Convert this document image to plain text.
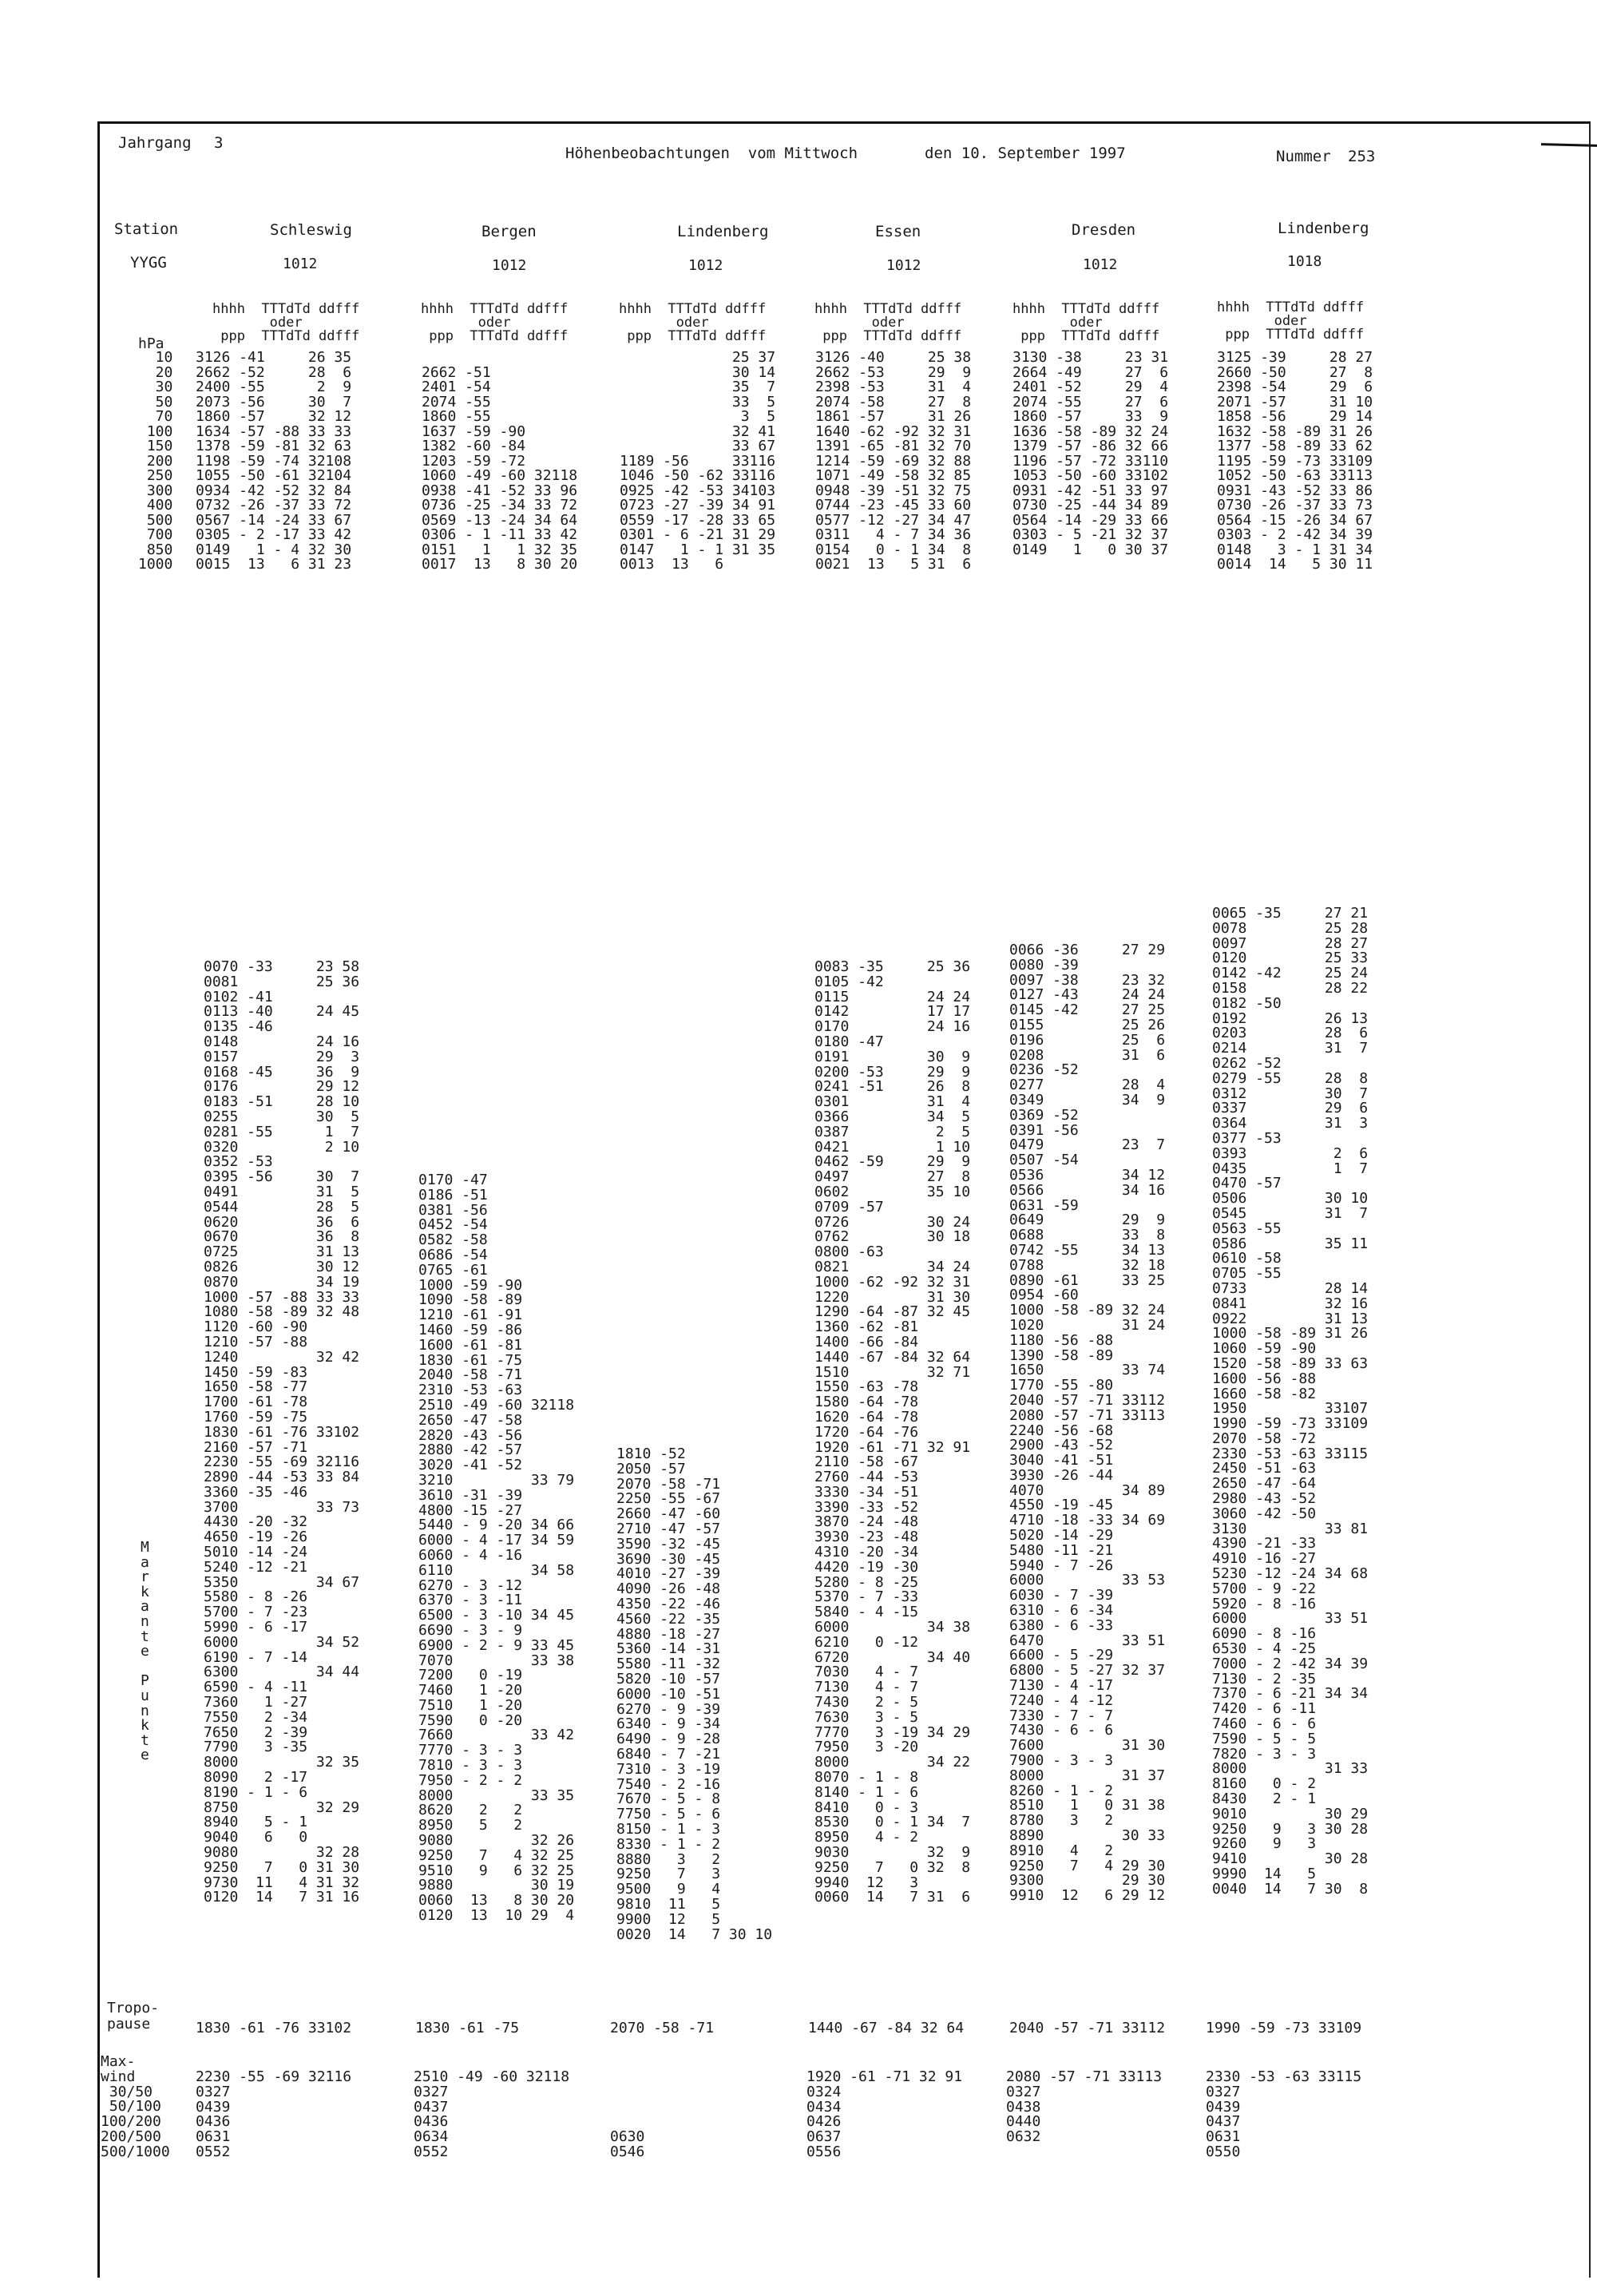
Jahrgang 3
Höhenbeobachtungen  vom Mittwoch	den 10. September 1997	Nummer 253
Station
YYGG
hPa
10
20
30
50
70
100
150
200
250
300
400
500
700
850
1000
M
a
r
k
a
n
t
e

P
u
n
k
t
e
Tropo-
pause
Max-
wind
30/50
50/100
100/200
200/500
500/1000
Schleswig
1012
hhhh  TTTdTd ddfff
oder
ppp  TTTdTd ddfff
3126 -41     26 35
2662 -52     28  6
2400 -55      2  9
2073 -56     30  7
1860 -57     32 12
1634 -57 -88 33 33
1378 -59 -81 32 63
1198 -59 -74 32108
1055 -50 -61 32104
0934 -42 -52 32 84
0732 -26 -37 33 72
0567 -14 -24 33 67
0305 - 2 -17 33 42
0149   1 - 4 32 30
0015  13   6 31 23
0070 -33     23 58
0081         25 36
0102 -41
0113 -40     24 45
0135 -46
0148         24 16
0157         29  3
0168 -45     36  9
0176         29 12
0183 -51     28 10
0255         30  5
0281 -55      1  7
0320          2 10
0352 -53
0395 -56     30  7
0491         31  5
0544         28  5
0620         36  6
0670         36  8
0725         31 13
0826         30 12
0870         34 19
1000 -57 -88 33 33
1080 -58 -89 32 48
1120 -60 -90
1210 -57 -88
1240         32 42
1450 -59 -83
1650 -58 -77
1700 -61 -78
1760 -59 -75
1830 -61 -76 33102
2160 -57 -71
2230 -55 -69 32116
2890 -44 -53 33 84
3360 -35 -46
3700         33 73
4430 -20 -32
4650 -19 -26
5010 -14 -24
5240 -12 -21
5350         34 67
5580 - 8 -26
5700 - 7 -23
5990 - 6 -17
6000         34 52
6190 - 7 -14
6300         34 44
6590 - 4 -11
7360   1 -27
7550   2 -34
7650   2 -39
7790   3 -35
8000         32 35
8090   2 -17
8190 - 1 - 6
8750         32 29
8940   5 - 1
9040   6   0
9080         32 28
9250   7   0 31 30
9730  11   4 31 32
0120  14   7 31 16
1830 -61 -76 33102
2230 -55 -69 32116
0327
0439
0436
0631
0552
Bergen
1012
hhhh  TTTdTd ddfff
oder
ppp  TTTdTd ddfff

2662 -51
2401 -54
2074 -55
1860 -55
1637 -59 -90
1382 -60 -84
1203 -59 -72
1060 -49 -60 32118
0938 -41 -52 33 96
0736 -25 -34 33 72
0569 -13 -24 34 64
0306 - 1 -11 33 42
0151   1   1 32 35
0017  13   8 30 20
0170 -47
0186 -51
0381 -56
0452 -54
0582 -58
0686 -54
0765 -61
1000 -59 -90
1090 -58 -89
1210 -61 -91
1460 -59 -86
1600 -61 -81
1830 -61 -75
2040 -58 -71
2310 -53 -63
2510 -49 -60 32118
2650 -47 -58
2820 -43 -56
2880 -42 -57
3020 -41 -52
3210         33 79
3610 -31 -39
4800 -15 -27
5440 - 9 -20 34 66
6000 - 4 -17 34 59
6060 - 4 -16
6110         34 58
6270 - 3 -12
6370 - 3 -11
6500 - 3 -10 34 45
6690 - 3 - 9
6900 - 2 - 9 33 45
7070         33 38
7200   0 -19
7460   1 -20
7510   1 -20
7590   0 -20
7660         33 42
7770 - 3 - 3
7810 - 3 - 3
7950 - 2 - 2
8000         33 35
8620   2   2
8950   5   2
9080         32 26
9250   7   4 32 25
9510   9   6 32 25
9880         30 19
0060  13   8 30 20
0120  13  10 29  4
1830 -61 -75
2510 -49 -60 32118
0327
0437
0436
0634
0552
Lindenberg
1012
hhhh  TTTdTd ddfff
oder
ppp  TTTdTd ddfff
25 37
30 14
35  7
33  5
3  5
32 41
33 67
1189 -56     33116
1046 -50 -62 33116
0925 -42 -53 34103
0723 -27 -39 34 91
0559 -17 -28 33 65
0301 - 6 -21 31 29
0147   1 - 1 31 35
0013  13   6
1810 -52
2050 -57
2070 -58 -71
2250 -55 -67
2660 -47 -60
2710 -47 -57
3590 -32 -45
3690 -30 -45
4010 -27 -39
4090 -26 -48
4350 -22 -46
4560 -22 -35
4880 -18 -27
5360 -14 -31
5580 -11 -32
5820 -10 -57
6000 -10 -51
6270 - 9 -39
6340 - 9 -34
6490 - 9 -28
6840 - 7 -21
7310 - 3 -19
7540 - 2 -16
7670 - 5 - 8
7750 - 5 - 6
8150 - 1 - 3
8330 - 1 - 2
8880   3   2
9250   7   3
9500   9   4
9810  11   5
9900  12   5
0020  14   7 30 10
2070 -58 -71

0630
0546
Essen
1012
hhhh  TTTdTd ddfff
oder
ppp  TTTdTd ddfff
3126 -40     25 38
2662 -53     29  9
2398 -53     31  4
2074 -58     27  8
1861 -57     31 26
1640 -62 -92 32 31
1391 -65 -81 32 70
1214 -59 -69 32 88
1071 -49 -58 32 85
0948 -39 -51 32 75
0744 -23 -45 33 60
0577 -12 -27 34 47
0311   4 - 7 34 36
0154   0 - 1 34  8
0021  13   5 31  6
0083 -35     25 36
0105 -42
0115         24 24
0142         17 17
0170         24 16
0180 -47
0191         30  9
0200 -53     29  9
0241 -51     26  8
0301         31  4
0366         34  5
0387          2  5
0421          1 10
0462 -59     29  9
0497         27  8
0602         35 10
0709 -57
0726         30 24
0762         30 18
0800 -63
0821         34 24
1000 -62 -92 32 31
1220         31 30
1290 -64 -87 32 45
1360 -62 -81
1400 -66 -84
1440 -67 -84 32 64
1510         32 71
1550 -63 -78
1580 -64 -78
1620 -64 -78
1720 -64 -76
1920 -61 -71 32 91
2110 -58 -67
2760 -44 -53
3330 -34 -51
3390 -33 -52
3870 -24 -48
3930 -23 -48
4310 -20 -34
4420 -19 -30
5280 - 8 -25
5370 - 7 -33
5840 - 4 -15
6000         34 38
6210   0 -12
6720         34 40
7030   4 - 7
7130   4 - 7
7430   2 - 5
7630   3 - 5
7770   3 -19 34 29
7950   3 -20
8000         34 22
8070 - 1 - 8
8140 - 1 - 6
8410   0 - 3
8530   0 - 1 34  7
8950   4 - 2
9030         32  9
9250   7   0 32  8
9940  12   3
0060  14   7 31  6
1440 -67 -84 32 64
1920 -61 -71 32 91
0324
0434
0426
0637
0556
Dresden
1012
hhhh  TTTdTd ddfff
oder
ppp  TTTdTd ddfff
3130 -38     23 31
2664 -49     27  6
2401 -52     29  4
2074 -55     27  6
1860 -57     33  9
1636 -58 -89 32 24
1379 -57 -86 32 66
1196 -57 -72 33110
1053 -50 -60 33102
0931 -42 -51 33 97
0730 -25 -44 34 89
0564 -14 -29 33 66
0303 - 5 -21 32 37
0149   1   0 30 37
0066 -36     27 29
0080 -39
0097 -38     23 32
0127 -43     24 24
0145 -42     27 25
0155         25 26
0196         25  6
0208         31  6
0236 -52
0277         28  4
0349         34  9
0369 -52
0391 -56
0479         23  7
0507 -54
0536         34 12
0566         34 16
0631 -59
0649         29  9
0688         33  8
0742 -55     34 13
0788         32 18
0890 -61     33 25
0954 -60
1000 -58 -89 32 24
1020         31 24
1180 -56 -88
1390 -58 -89
1650         33 74
1770 -55 -80
2040 -57 -71 33112
2080 -57 -71 33113
2240 -56 -68
2900 -43 -52
3040 -41 -51
3930 -26 -44
4070         34 89
4550 -19 -45
4710 -18 -33 34 69
5020 -14 -29
5480 -11 -21
5940 - 7 -26
6000         33 53
6030 - 7 -39
6310 - 6 -34
6380 - 6 -33
6470         33 51
6600 - 5 -29
6800 - 5 -27 32 37
7130 - 4 -17
7240 - 4 -12
7330 - 7 - 7
7430 - 6 - 6
7600         31 30
7900 - 3 - 3
8000         31 37
8260 - 1 - 2
8510   1   0 31 38
8780   3   2
8890         30 33
8910   4   2
9250   7   4 29 30
9300         29 30
9910  12   6 29 12
2040 -57 -71 33112
2080 -57 -71 33113
0327
0438
0440
0632

Lindenberg
1018
hhhh  TTTdTd ddfff
oder
ppp  TTTdTd ddfff
3125 -39     28 27
2660 -50     27  8
2398 -54     29  6
2071 -57     31 10
1858 -56     29 14
1632 -58 -89 31 26
1377 -58 -89 33 62
1195 -59 -73 33109
1052 -50 -63 33113
0931 -43 -52 33 86
0730 -26 -37 33 73
0564 -15 -26 34 67
0303 - 2 -42 34 39
0148   3 - 1 31 34
0014  14   5 30 11
0065 -35     27 21
0078         25 28
0097         28 27
0120         25 33
0142 -42     25 24
0158         28 22
0182 -50
0192         26 13
0203         28  6
0214         31  7
0262 -52
0279 -55     28  8
0312         30  7
0337         29  6
0364         31  3
0377 -53
0393          2  6
0435          1  7
0470 -57
0506         30 10
0545         31  7
0563 -55
0586         35 11
0610 -58
0705 -55
0733         28 14
0841         32 16
0922         31 13
1000 -58 -89 31 26
1060 -59 -90
1520 -58 -89 33 63
1600 -56 -88
1660 -58 -82
1950         33107
1990 -59 -73 33109
2070 -58 -72
2330 -53 -63 33115
2450 -51 -63
2650 -47 -64
2980 -43 -52
3060 -42 -50
3130         33 81
4390 -21 -33
4910 -16 -27
5230 -12 -24 34 68
5700 - 9 -22
5920 - 8 -16
6000         33 51
6090 - 8 -16
6530 - 4 -25
7000 - 2 -42 34 39
7130 - 2 -35
7370 - 6 -21 34 34
7420 - 6 -11
7460 - 6 - 6
7590 - 5 - 5
7820 - 3 - 3
8000         31 33
8160   0 - 2
8430   2 - 1
9010         30 29
9250   9   3 30 28
9260   9   3
9410         30 28
9990  14   5
0040  14   7 30  8
1990 -59 -73 33109
2330 -53 -63 33115
0327
0439
0437
0631
0550
